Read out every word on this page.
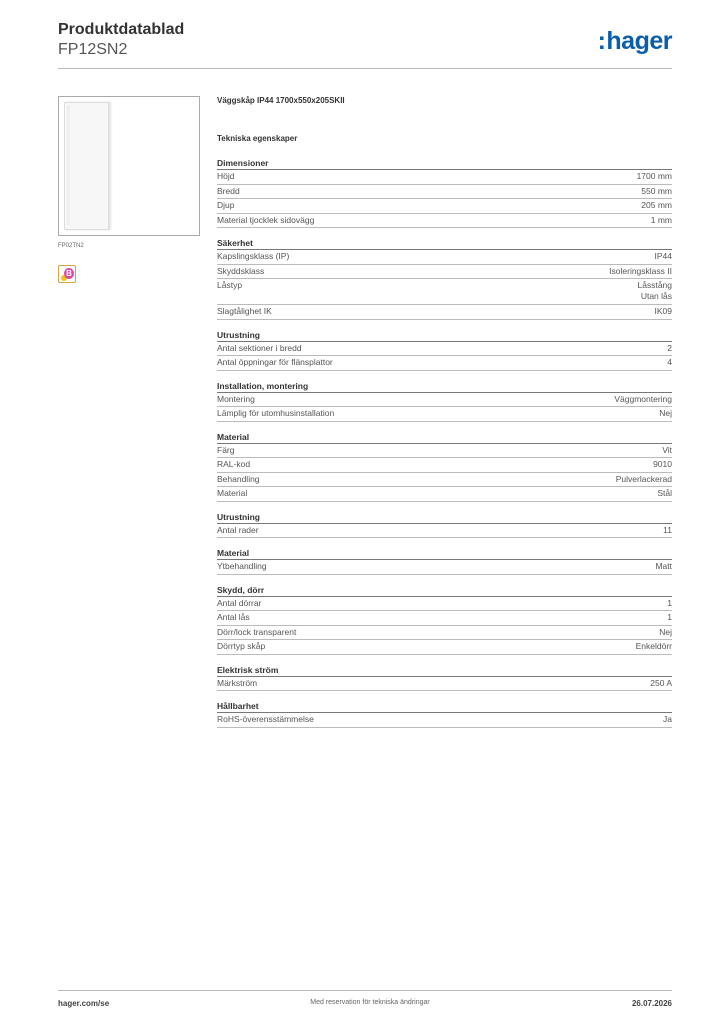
Produktdatablad
FP12SN2	:hager
FP02TN2
B
Väggskåp IP44 1700x550x205SKII
Tekniska egenskaper
Dimensioner
Höjd	1700 mm
Bredd	550 mm
Djup	205 mm
Material tjocklek sidovägg	1 mm
Säkerhet
Kapslingsklass (IP)	IP44
Skyddsklass	Isoleringsklass II
Låstyp	Låsstång
Utan lås
Slagtålighet IK	IK09
Utrustning
Antal sektioner i bredd	2
Antal öppningar för flänsplattor	4
Installation, montering
Montering	Väggmontering
Lämplig för utomhusinstallation	Nej
Material
Färg	Vit
RAL-kod	9010
Behandling	Pulverlackerad
Material	Stål
Utrustning
Antal rader	11
Material
Ytbehandling	Matt
Skydd, dörr
Antal dörrar	1
Antal lås	1
Dörr/lock transparent	Nej
Dörrtyp skåp	Enkeldörr
Elektrisk ström
Märkström	250 A
Hållbarhet
RoHS-överensstämmelse	Ja
hager.com/se	Med reservation för tekniska ändringar	26.07.2026
